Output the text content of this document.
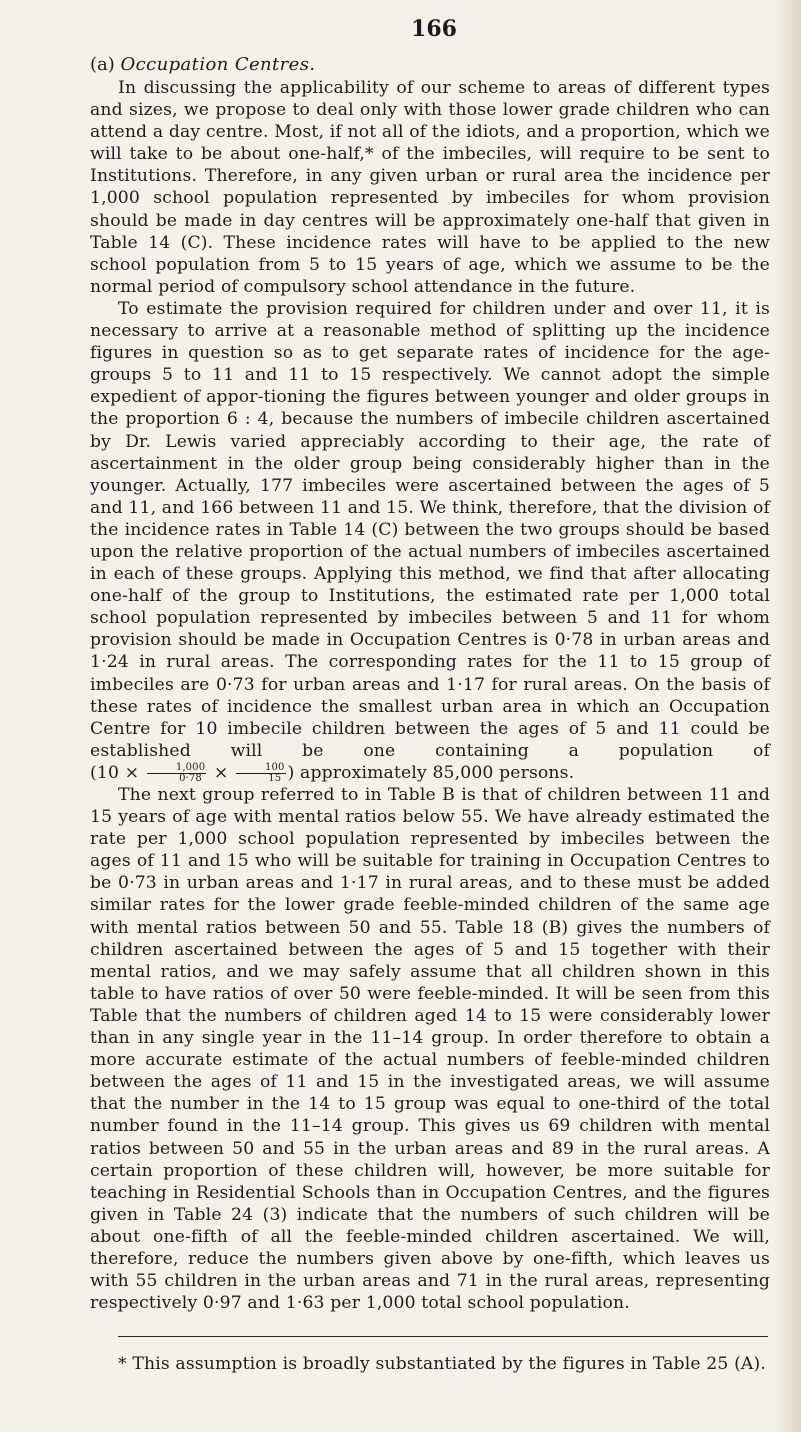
166
(a) Occupation Centres.

In discussing the applicability of our scheme to areas of different types and sizes, we propose to deal only with those lower grade children who can attend a day centre. Most, if not all of the idiots, and a proportion, which we will take to be about one-half,* of the imbeciles, will require to be sent to Institutions. Therefore, in any given urban or rural area the incidence per 1,000 school population represented by imbeciles for whom provision should be made in day centres will be approximately one-half that given in Table 14 (C). These incidence rates will have to be applied to the new school population from 5 to 15 years of age, which we assume to be the normal period of compulsory school attendance in the future.

To estimate the provision required for children under and over 11, it is necessary to arrive at a reasonable method of splitting up the incidence figures in question so as to get separate rates of incidence for the age-groups 5 to 11 and 11 to 15 respectively. We cannot adopt the simple expedient of appor-tioning the figures between younger and older groups in the proportion 6 : 4, because the numbers of imbecile children ascertained by Dr. Lewis varied appreciably according to their age, the rate of ascertainment in the older group being considerably higher than in the younger. Actually, 177 imbeciles were ascertained between the ages of 5 and 11, and 166 between 11 and 15. We think, therefore, that the division of the incidence rates in Table 14 (C) between the two groups should be based upon the relative proportion of the actual numbers of imbeciles ascertained in each of these groups. Applying this method, we find that after allocating one-half of the group to Institutions, the estimated rate per 1,000 total school population represented by imbeciles between 5 and 11 for whom provision should be made in Occupation Centres is 0·78 in urban areas and 1·24 in rural areas. The corresponding rates for the 11 to 15 group of imbeciles are 0·73 for urban areas and 1·17 for rural areas. On the basis of these rates of incidence the smallest urban area in which an Occupation Centre for 10 imbecile children between the ages of 5 and 11 could be established will be one containing a population of ($10 \times \frac{1,000}{0\cdot 78} \times \frac{100}{15}$ ) approximately 85,000 persons.

The next group referred to in Table B is that of children between 11 and 15 years of age with mental ratios below 55. We have already estimated the rate per 1,000 school population represented by imbeciles between the ages of 11 and 15 who will be suitable for training in Occupation Centres to be 0·73 in urban areas and 1·17 in rural areas, and to these must be added similar rates for the lower grade feeble-minded children of the same age with mental ratios between 50 and 55. Table 18 (B) gives the numbers of children ascertained between the ages of 5 and 15 together with their mental ratios, and we may safely assume that all children shown in this table to have ratios of over 50 were feeble-minded. It will be seen from this Table that the numbers of children aged 14 to 15 were considerably lower than in any single year in the 11–14 group. In order therefore to obtain a more accurate estimate of the actual numbers of feeble-minded children between the ages of 11 and 15 in the investigated areas, we will assume that the number in the 14 to 15 group was equal to one-third of the total number found in the 11–14 group. This gives us 69 children with mental ratios between 50 and 55 in the urban areas and 89 in the rural areas. A certain proportion of these children will, however, be more suitable for teaching in Residential Schools than in Occupation Centres, and the figures given in Table 24 (3) indicate that the numbers of such children will be about one-fifth of all the feeble-minded children ascertained. We will, therefore, reduce the numbers given above by one-fifth, which leaves us with 55 children in the urban areas and 71 in the rural areas, representing respectively 0·97 and 1·63 per 1,000 total school population.

* This assumption is broadly substantiated by the figures in Table 25 (A).
